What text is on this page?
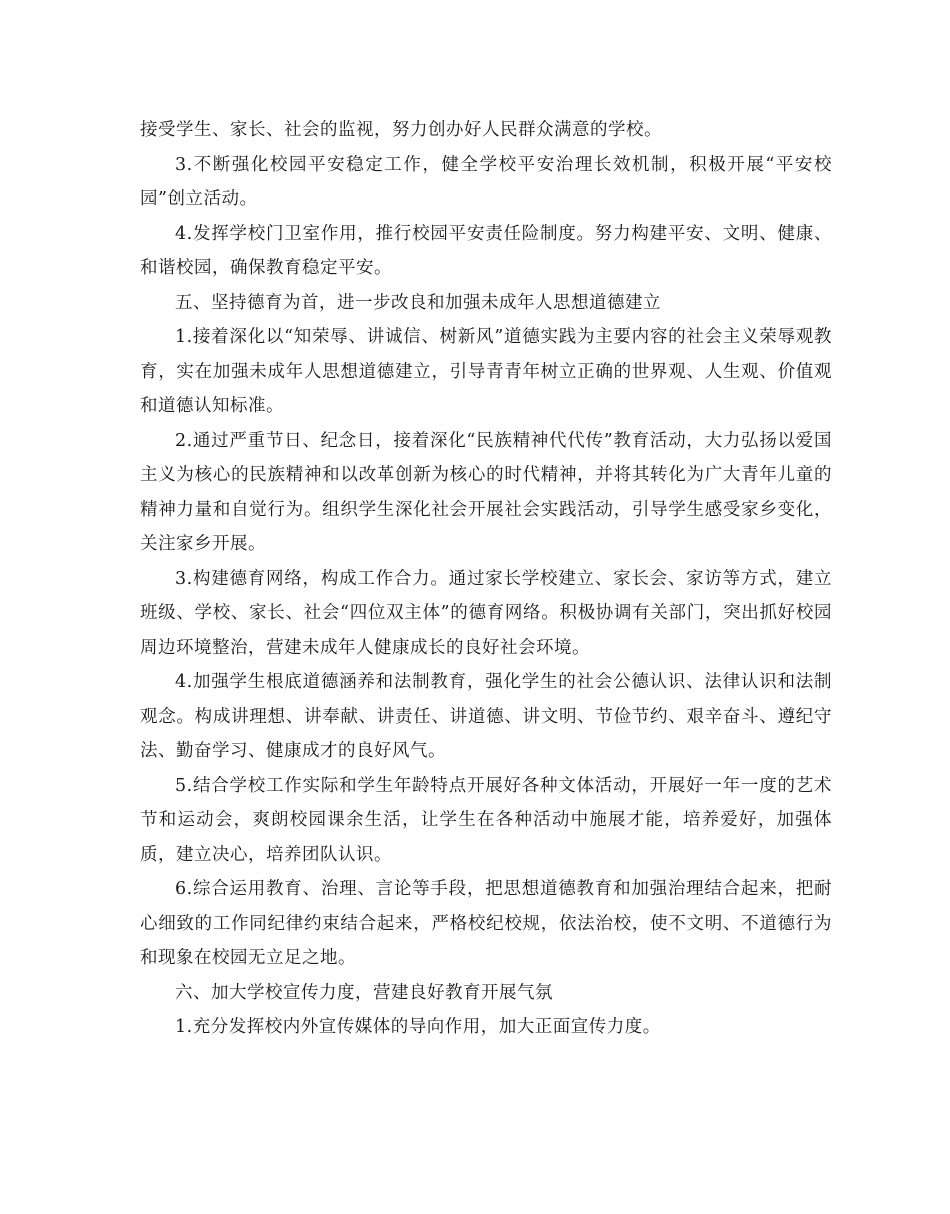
接受学生、家长、社会的监视，努力创办好人民群众满意的学校。

3.不断强化校园平安稳定工作，健全学校平安治理长效机制，积极开展“平安校园”创立活动。

4.发挥学校门卫室作用，推行校园平安责任险制度。努力构建平安、文明、健康、和谐校园，确保教育稳定平安。

五、坚持德育为首，进一步改良和加强未成年人思想道德建立

1.接着深化以“知荣辱、讲诚信、树新风”道德实践为主要内容的社会主义荣辱观教育，实在加强未成年人思想道德建立，引导青青年树立正确的世界观、人生观、价值观和道德认知标准。

2.通过严重节日、纪念日，接着深化“民族精神代代传”教育活动，大力弘扬以爱国主义为核心的民族精神和以改革创新为核心的时代精神，并将其转化为广大青年儿童的精神力量和自觉行为。组织学生深化社会开展社会实践活动，引导学生感受家乡变化，关注家乡开展。

3.构建德育网络，构成工作合力。通过家长学校建立、家长会、家访等方式，建立班级、学校、家长、社会“四位双主体”的德育网络。积极协调有关部门，突出抓好校园周边环境整治，营建未成年人健康成长的良好社会环境。

4.加强学生根底道德涵养和法制教育，强化学生的社会公德认识、法律认识和法制观念。构成讲理想、讲奉献、讲责任、讲道德、讲文明、节俭节约、艰辛奋斗、遵纪守法、勤奋学习、健康成才的良好风气。

5.结合学校工作实际和学生年龄特点开展好各种文体活动，开展好一年一度的艺术节和运动会，爽朗校园课余生活，让学生在各种活动中施展才能，培养爱好，加强体质，建立决心，培养团队认识。

6.综合运用教育、治理、言论等手段，把思想道德教育和加强治理结合起来，把耐心细致的工作同纪律约束结合起来，严格校纪校规，依法治校，使不文明、不道德行为和现象在校园无立足之地。

六、加大学校宣传力度，营建良好教育开展气氛

1.充分发挥校内外宣传媒体的导向作用，加大正面宣传力度。
